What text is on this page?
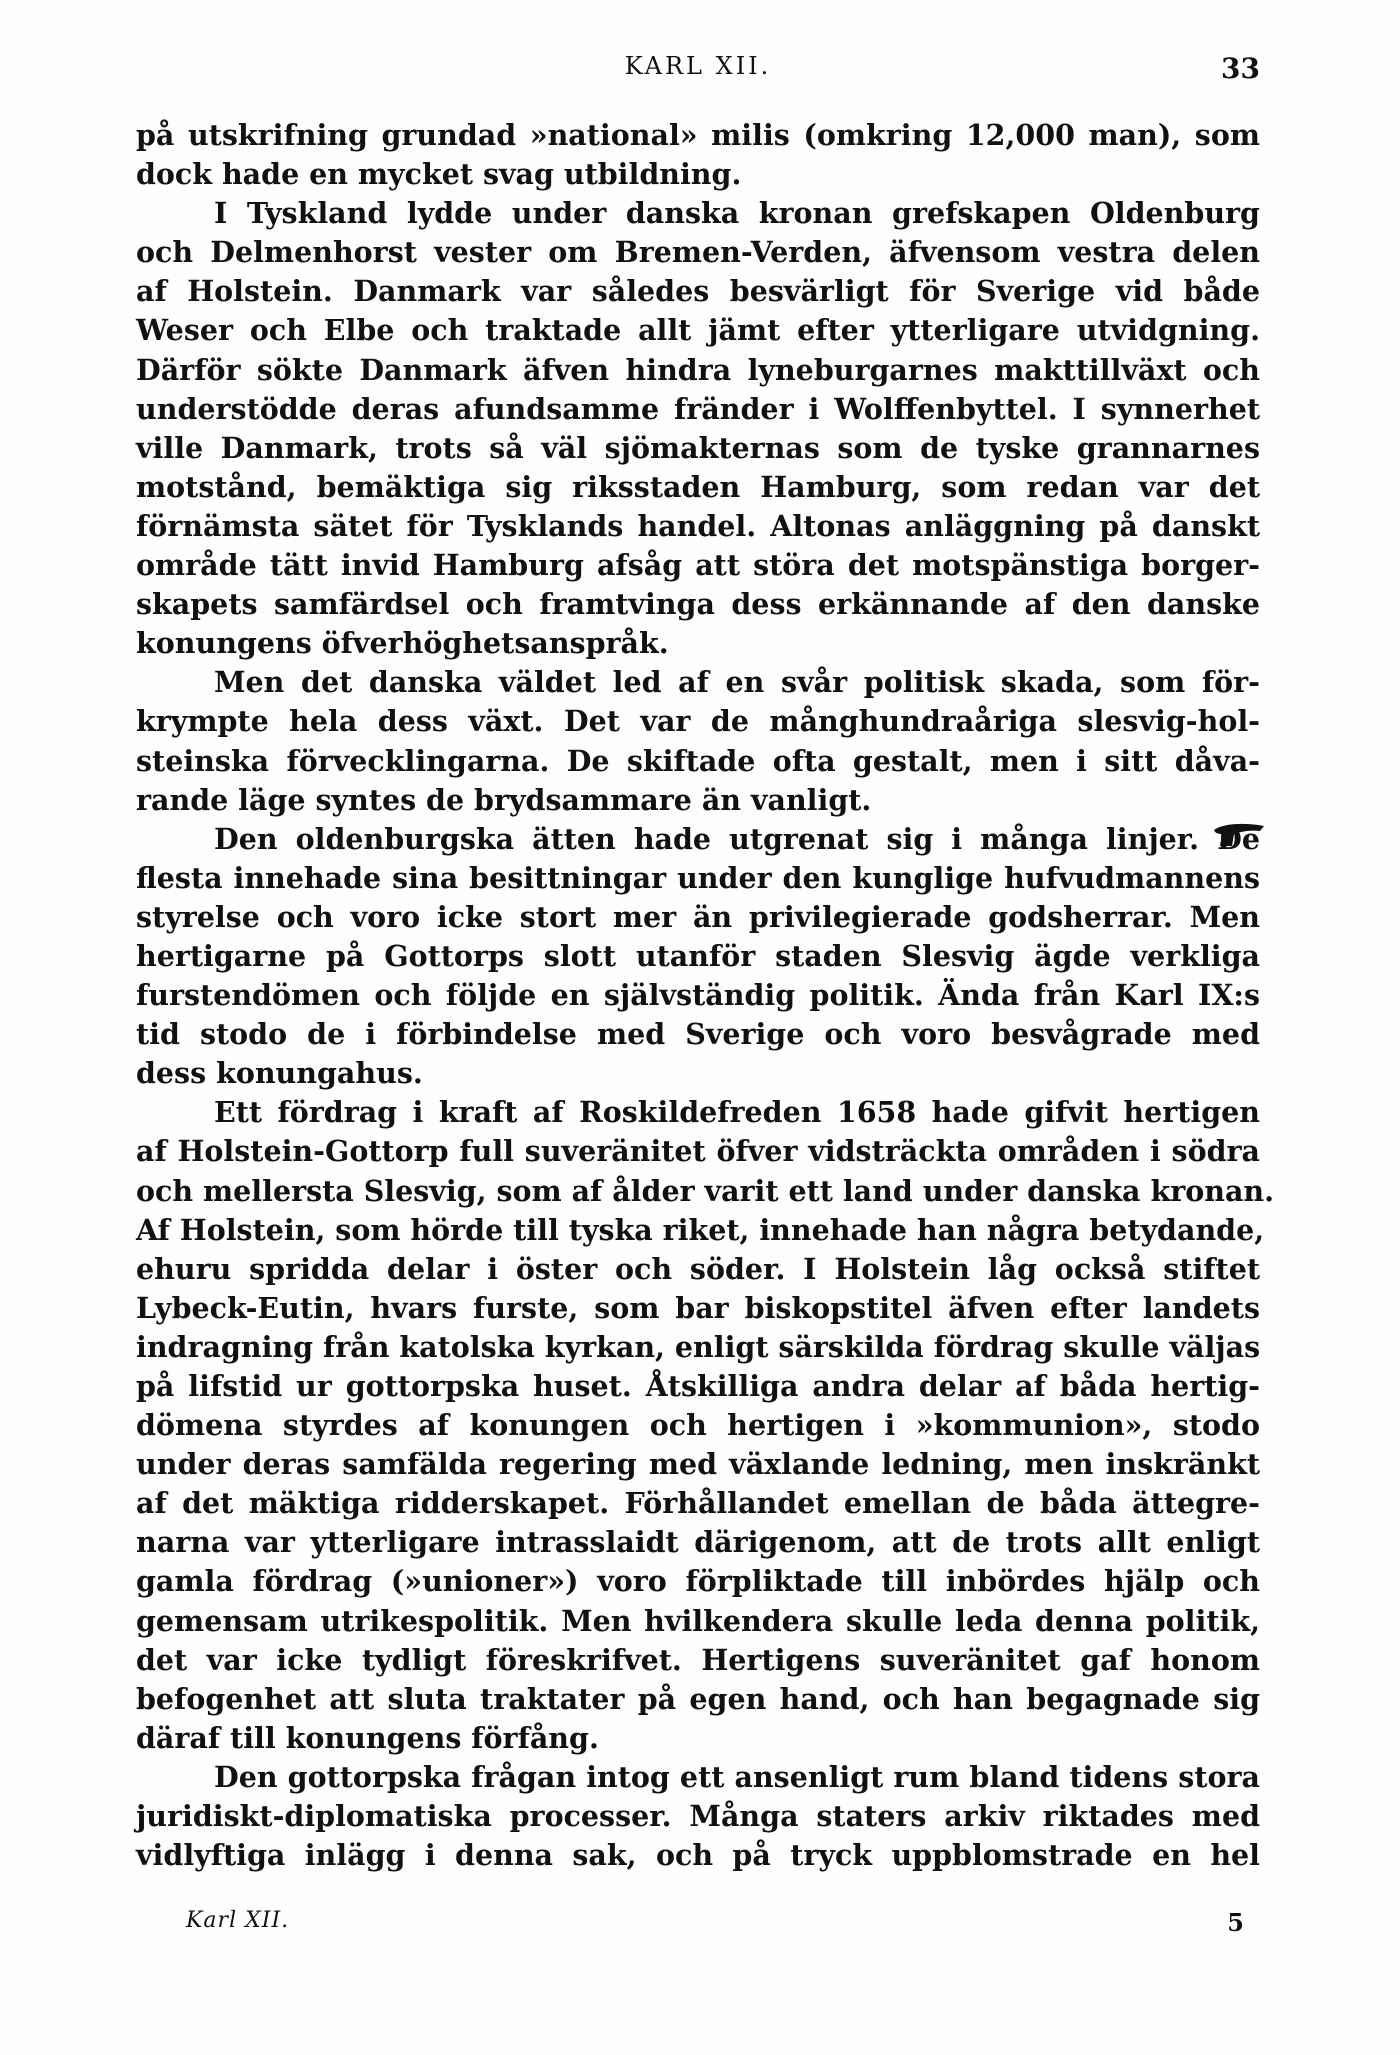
KARL XII.	33
på utskrifning grundad »national» milis (omkring 12,000 man), som
dock hade en mycket svag utbildning.
I Tyskland lydde under danska kronan grefskapen Oldenburg
och Delmenhorst vester om Bremen-Verden, äfvensom vestra delen
af Holstein. Danmark var således besvärligt för Sverige vid både
Weser och Elbe och traktade allt jämt efter ytterligare utvidgning.
Därför sökte Danmark äfven hindra lyneburgarnes makttillväxt och
understödde deras afundsamme fränder i Wolffenbyttel. I synnerhet
ville Danmark, trots så väl sjömakternas som de tyske grannarnes
motstånd, bemäktiga sig riksstaden Hamburg, som redan var det
förnämsta sätet för Tysklands handel. Altonas anläggning på danskt
område tätt invid Hamburg afsåg att störa det motspänstiga borger-
skapets samfärdsel och framtvinga dess erkännande af den danske
konungens öfverhöghetsanspråk.
Men det danska väldet led af en svår politisk skada, som för-
krympte hela dess växt. Det var de månghundraåriga slesvig-hol-
steinska förvecklingarna. De skiftade ofta gestalt, men i sitt dåva-
rande läge syntes de brydsammare än vanligt.
Den oldenburgska ätten hade utgrenat sig i många linjer. De
flesta innehade sina besittningar under den kunglige hufvudmannens
styrelse och voro icke stort mer än privilegierade godsherrar. Men
hertigarne på Gottorps slott utanför staden Slesvig ägde verkliga
furstendömen och följde en självständig politik. Ända från Karl IX:s
tid stodo de i förbindelse med Sverige och voro besvågrade med
dess konungahus.
Ett fördrag i kraft af Roskildefreden 1658 hade gifvit hertigen
af Holstein-Gottorp full suveränitet öfver vidsträckta områden i södra
och mellersta Slesvig, som af ålder varit ett land under danska kronan.
Af Holstein, som hörde till tyska riket, innehade han några betydande,
ehuru spridda delar i öster och söder. I Holstein låg också stiftet
Lybeck-Eutin, hvars furste, som bar biskopstitel äfven efter landets
indragning från katolska kyrkan, enligt särskilda fördrag skulle väljas
på lifstid ur gottorpska huset. Åtskilliga andra delar af båda hertig-
dömena styrdes af konungen och hertigen i »kommunion», stodo
under deras samfälda regering med växlande ledning, men inskränkt
af det mäktiga ridderskapet. Förhållandet emellan de båda ättegre-
narna var ytterligare intrasslaidt därigenom, att de trots allt enligt
gamla fördrag (»unioner») voro förpliktade till inbördes hjälp och
gemensam utrikespolitik. Men hvilkendera skulle leda denna politik,
det var icke tydligt föreskrifvet. Hertigens suveränitet gaf honom
befogenhet att sluta traktater på egen hand, och han begagnade sig
däraf till konungens förfång.
Den gottorpska frågan intog ett ansenligt rum bland tidens stora
juridiskt-diplomatiska processer. Många staters arkiv riktades med
vidlyftiga inlägg i denna sak, och på tryck uppblomstrade en hel
Karl XII.	5
